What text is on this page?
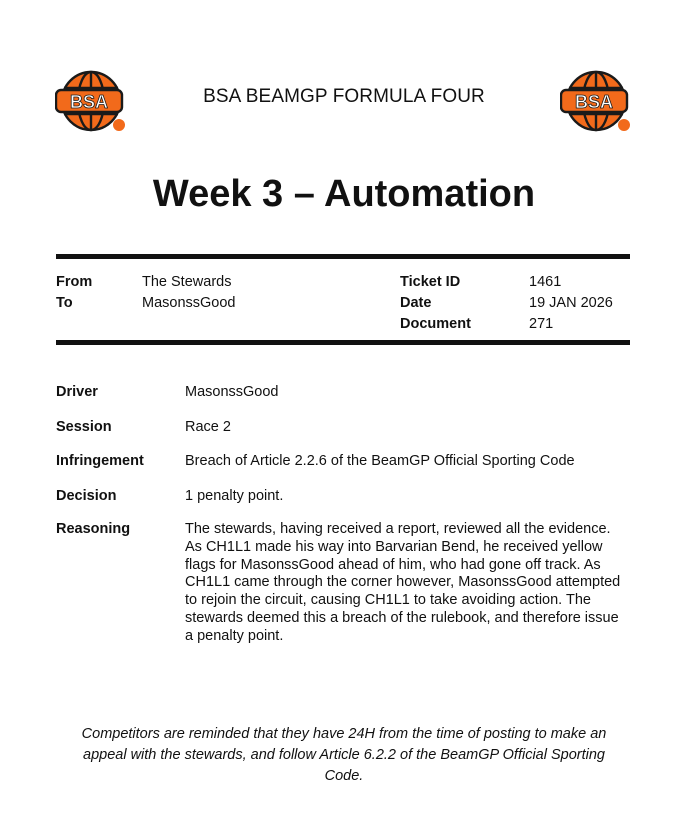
BSA	BSA BEAMGP FORMULA FOUR	BSA
Week 3 – Automation
From	The Stewards
To	MasonssGood
Ticket ID	1461
Date	19 JAN 2026
Document	271
Driver	MasonssGood
Session	Race 2
Infringement	Breach of Article 2.2.6 of the BeamGP Official Sporting Code
Decision	1 penalty point.
Reasoning	The stewards, having received a report, reviewed all the evidence. As CH1L1 made his way into Barvarian Bend, he received yellow flags for MasonssGood ahead of him, who had gone off track. As CH1L1 came through the corner however, MasonssGood attempted to rejoin the circuit, causing CH1L1 to take avoiding action. The stewards deemed this a breach of the rulebook, and therefore issue a penalty point.
Competitors are reminded that they have 24H from the time of posting to make an appeal with the stewards, and follow Article 6.2.2 of the BeamGP Official Sporting Code.
